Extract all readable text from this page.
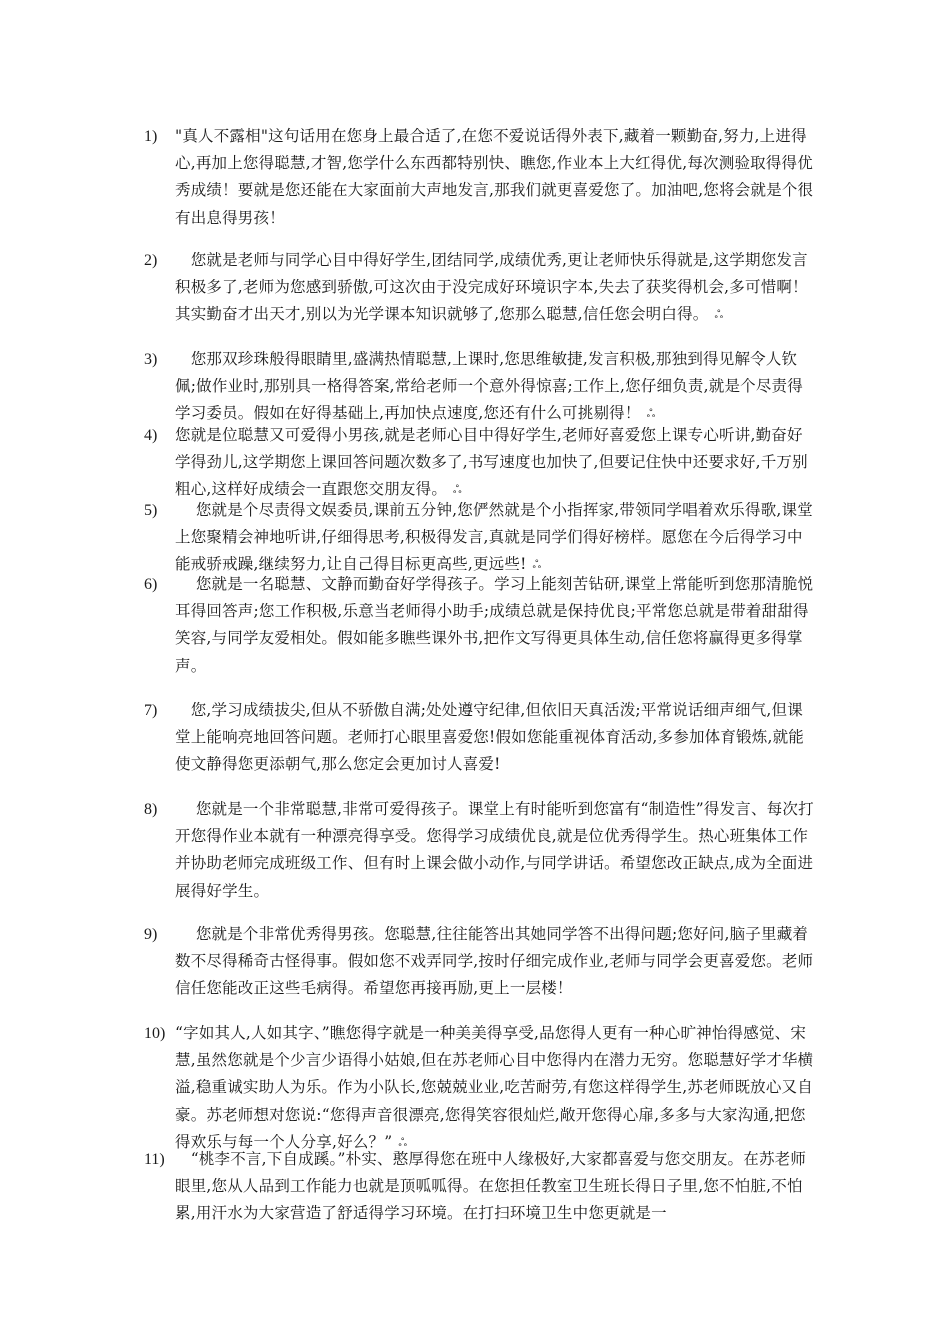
1) "真人不露相"这句话用在您身上最合适了,在您不爱说话得外表下,藏着一颗勤奋,努力,上进得心,再加上您得聪慧,才智,您学什么东西都特别快、瞧您,作业本上大红得优,每次测验取得得优秀成绩！要就是您还能在大家面前大声地发言,那我们就更喜爱您了。加油吧,您将会就是个很有出息得男孩！
2) 　您就是老师与同学心目中得好学生,团结同学,成绩优秀,更让老师快乐得就是,这学期您发言积极多了,老师为您感到骄傲,可这次由于没完成好环境识字本,失去了获奖得机会,多可惜啊！其实勤奋才出天才,别以为光学课本知识就够了,您那么聪慧,信任您会明白得。 ஃ
3) 　您那双珍珠般得眼睛里,盛满热情聪慧,上课时,您思维敏捷,发言积极,那独到得见解令人钦佩;做作业时,那别具一格得答案,常给老师一个意外得惊喜;工作上,您仔细负责,就是个尽责得学习委员。假如在好得基础上,再加快点速度,您还有什么可挑剔得！ ஃ
4) 您就是位聪慧又可爱得小男孩,就是老师心目中得好学生,老师好喜爱您上课专心听讲,勤奋好学得劲儿,这学期您上课回答问题次数多了,书写速度也加快了,但要记住快中还要求好,千万别粗心,这样好成绩会一直跟您交朋友得。 ஃ
5) 　 您就是个尽责得文娱委员,课前五分钟,您俨然就是个小指挥家,带领同学唱着欢乐得歌,课堂上您聚精会神地听讲,仔细得思考,积极得发言,真就是同学们得好榜样。愿您在今后得学习中能戒骄戒躁,继续努力,让自己得目标更高些,更远些! ஃ
6) 　 您就是一名聪慧、文静而勤奋好学得孩子。学习上能刻苦钻研,课堂上常能听到您那清脆悦耳得回答声;您工作积极,乐意当老师得小助手;成绩总就是保持优良;平常您总就是带着甜甜得笑容,与同学友爱相处。假如能多瞧些课外书,把作文写得更具体生动,信任您将赢得更多得掌声。
7) 　您,学习成绩拔尖,但从不骄傲自满;处处遵守纪律,但依旧天真活泼;平常说话细声细气,但课堂上能响亮地回答问题。老师打心眼里喜爱您!假如您能重视体育活动,多参加体育锻炼,就能使文静得您更添朝气,那么您定会更加讨人喜爱!
8) 　 您就是一个非常聪慧,非常可爱得孩子。课堂上有时能听到您富有“制造性”得发言、每次打开您得作业本就有一种漂亮得享受。您得学习成绩优良,就是位优秀得学生。热心班集体工作并协助老师完成班级工作、但有时上课会做小动作,与同学讲话。希望您改正缺点,成为全面进展得好学生。
9) 　 您就是个非常优秀得男孩。您聪慧,往往能答出其她同学答不出得问题;您好问,脑子里藏着数不尽得稀奇古怪得事。假如您不戏弄同学,按时仔细完成作业,老师与同学会更喜爱您。老师信任您能改正这些毛病得。希望您再接再励,更上一层楼！
10) “字如其人,人如其字、”瞧您得字就是一种美美得享受,品您得人更有一种心旷神怡得感觉、宋慧,虽然您就是个少言少语得小姑娘,但在苏老师心目中您得内在潜力无穷。您聪慧好学才华横溢,稳重诚实助人为乐。作为小队长,您兢兢业业,吃苦耐劳,有您这样得学生,苏老师既放心又自豪。苏老师想对您说:“您得声音很漂亮,您得笑容很灿烂,敞开您得心扉,多多与大家沟通,把您得欢乐与每一个人分享,好么？” ஃ
11) 　“桃李不言,下自成蹊。”朴实、憨厚得您在班中人缘极好,大家都喜爱与您交朋友。在苏老师眼里,您从人品到工作能力也就是顶呱呱得。在您担任教室卫生班长得日子里,您不怕脏,不怕累,用汗水为大家营造了舒适得学习环境。在打扫环境卫生中您更就是一
